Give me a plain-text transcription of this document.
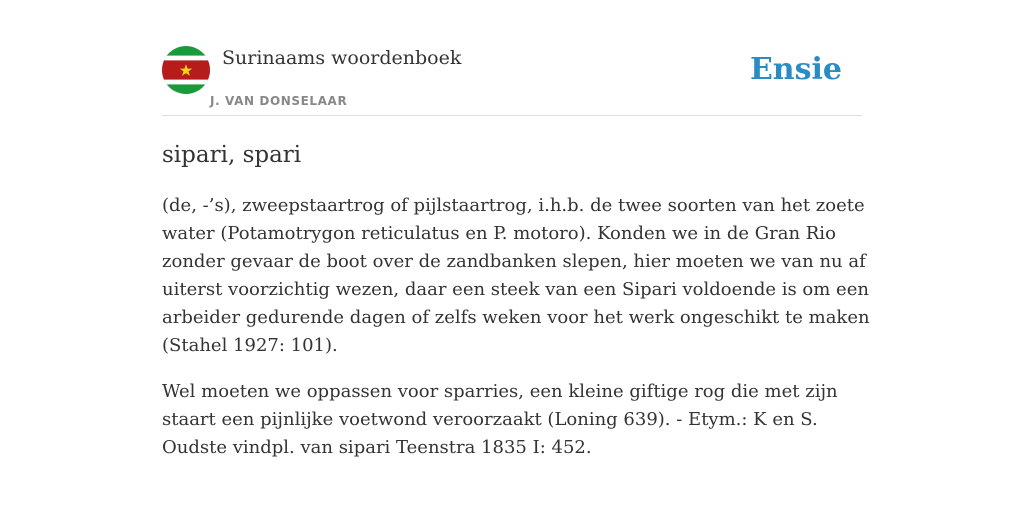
Surinaams woordenboek
J. VAN DONSELAAR
Ensie
sipari, spari

(de, -’s), zweepstaartrog of pijlstaartrog, i.h.b. de twee soorten van het zoete water (Potamotrygon reticulatus en P. motoro). Konden we in de Gran Rio zonder gevaar de boot over de zandbanken slepen, hier moeten we van nu af uiterst voorzichtig wezen, daar een steek van een Sipari voldoende is om een arbeider gedurende dagen of zelfs weken voor het werk ongeschikt te maken (Stahel 1927: 101).

Wel moeten we oppassen voor sparries, een kleine giftige rog die met zijn staart een pijnlijke voetwond veroorzaakt (Loning 639). - Etym.: K en S. Oudste vindpl. van sipari Teenstra 1835 I: 452.
